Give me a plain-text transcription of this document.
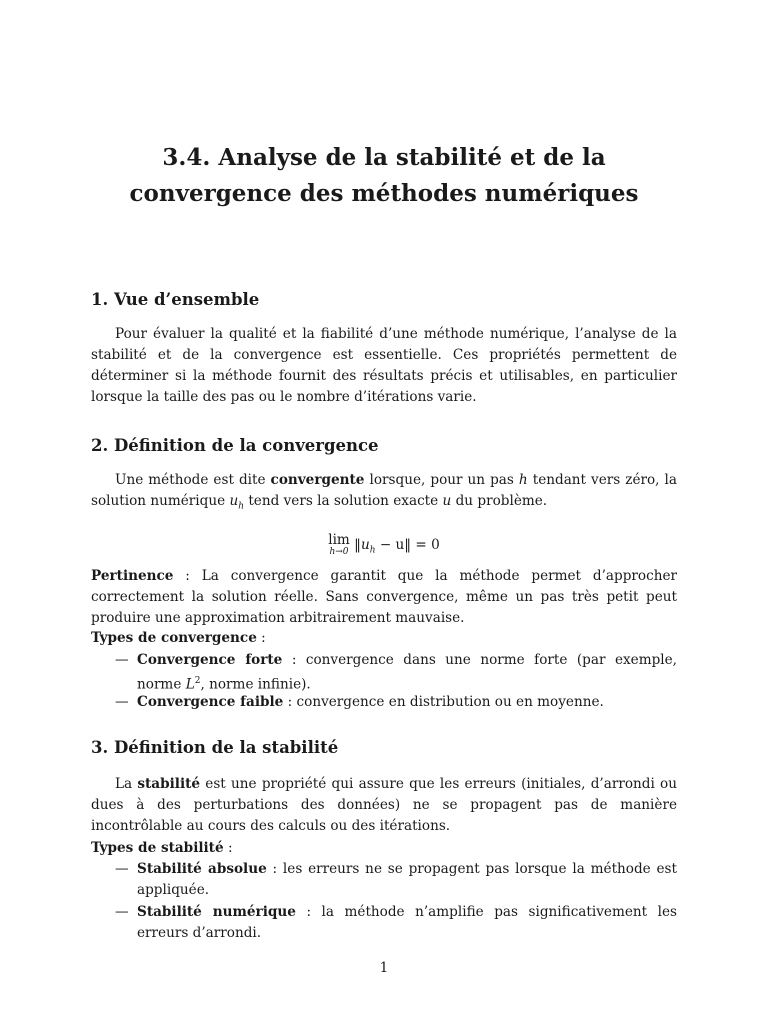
3.4. Analyse de la stabilité et de la
convergence des méthodes numériques
1. Vue d’ensemble
Pour évaluer la qualité et la fiabilité d’une méthode numérique, l’analyse de la stabilité et de la convergence est essentielle. Ces propriétés permettent de déterminer si la méthode fournit des résultats précis et utilisables, en particulier lorsque la taille des pas ou le nombre d’itérations varie.
2. Définition de la convergence
Une méthode est dite convergente lorsque, pour un pas h tendant vers zéro, la solution numérique $u_h$ tend vers la solution exacte u du problème.
lim
h→0 $‖u_h$ − u‖ = 0
Pertinence : La convergence garantit que la méthode permet d’approcher correctement la solution réelle. Sans convergence, même un pas très petit peut produire une approximation arbitrairement mauvaise.
Types de convergence :
— Convergence forte : convergence dans une norme forte (par exemple, norme $L^2$, norme infinie).
— Convergence faible : convergence en distribution ou en moyenne.
3. Définition de la stabilité
La stabilité est une propriété qui assure que les erreurs (initiales, d’arrondi ou dues à des perturbations des données) ne se propagent pas de manière incontrôlable au cours des calculs ou des itérations.
Types de stabilité :
— Stabilité absolue : les erreurs ne se propagent pas lorsque la méthode est appliquée.
— Stabilité numérique : la méthode n’amplifie pas significativement les erreurs d’arrondi.
1
